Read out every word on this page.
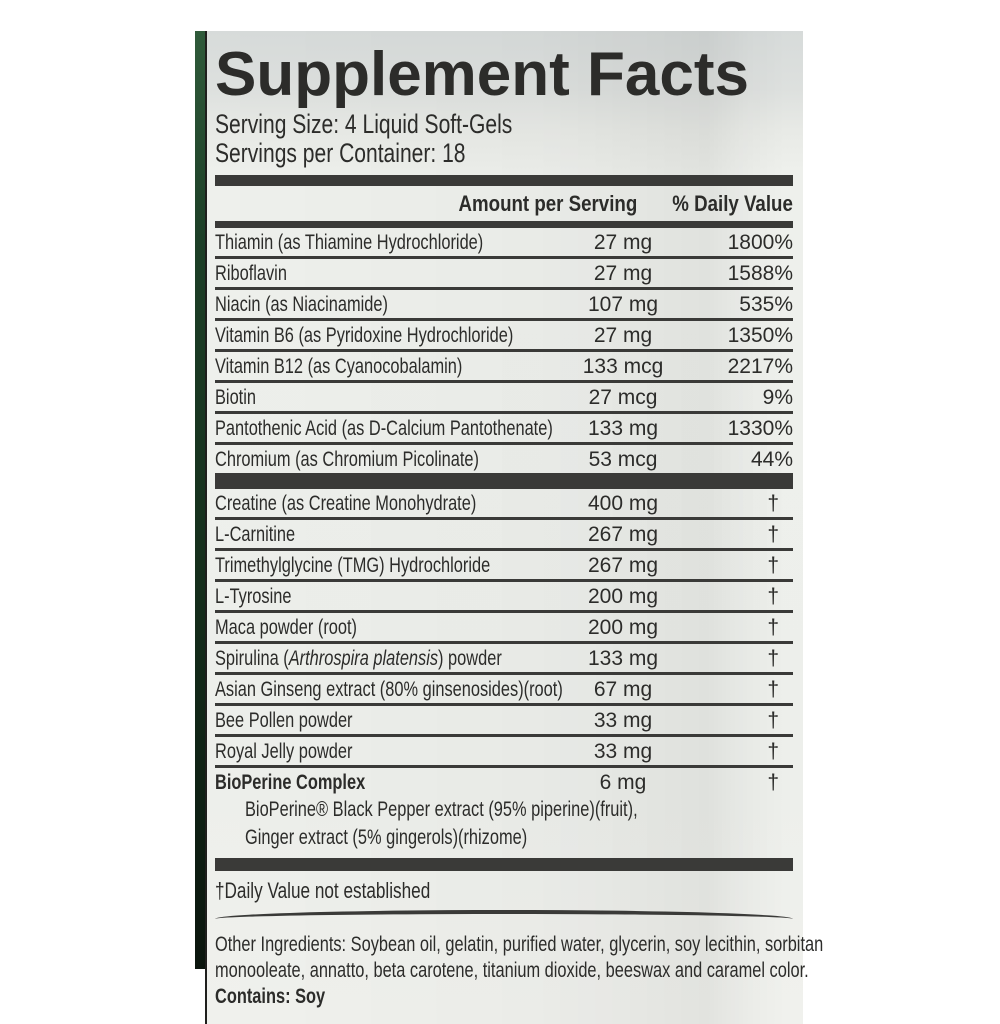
Supplement Facts
Serving Size: 4 Liquid Soft-Gels
Servings per Container: 18
Amount per Serving % Daily Value
Thiamin (as Thiamine Hydrochloride)	27 mg	1800%
Riboflavin	27 mg	1588%
Niacin (as Niacinamide)	107 mg	535%
Vitamin B6 (as Pyridoxine Hydrochloride)	27 mg	1350%
Vitamin B12 (as Cyanocobalamin)	133 mcg	2217%
Biotin	27 mcg	9%
Pantothenic Acid (as D-Calcium Pantothenate)	133 mg	1330%
Chromium (as Chromium Picolinate)	53 mcg	44%
Creatine (as Creatine Monohydrate)	400 mg	†
L-Carnitine	267 mg	†
Trimethylglycine (TMG) Hydrochloride	267 mg	†
L-Tyrosine	200 mg	†
Maca powder (root)	200 mg	†
Spirulina (Arthrospira platensis) powder	133 mg	†
Asian Ginseng extract (80% ginsenosides)(root)	67 mg	†
Bee Pollen powder	33 mg	†
Royal Jelly powder	33 mg	†
BioPerine Complex	6 mg	†
BioPerine® Black Pepper extract (95% piperine)(fruit),
Ginger extract (5% gingerols)(rhizome)
†Daily Value not established
Other Ingredients: Soybean oil, gelatin, purified water, glycerin, soy lecithin, sorbitan
monooleate, annatto, beta carotene, titanium dioxide, beeswax and caramel color.
Contains: Soy
